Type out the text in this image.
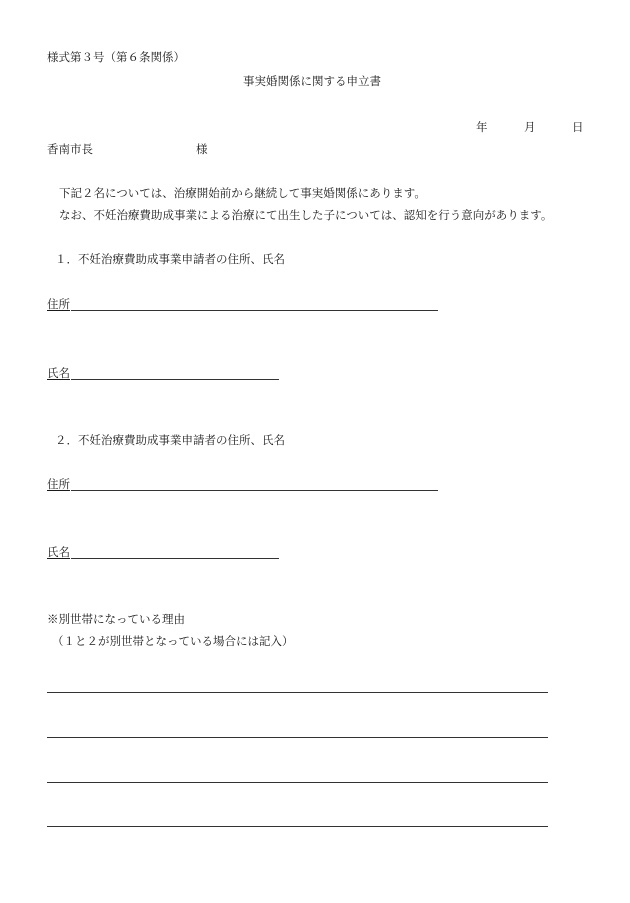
様式第３号（第６条関係）
事実婚関係に関する申立書
年	月	日
香南市長	様
下記２名については、治療開始前から継続して事実婚関係にあります。
なお、不妊治療費助成事業による治療にて出生した子については、認知を行う意向があります。
１．不妊治療費助成事業申請者の住所、氏名
住所
氏名
２．不妊治療費助成事業申請者の住所、氏名
住所
氏名
※別世帯になっている理由
（１と２が別世帯となっている場合には記入）
